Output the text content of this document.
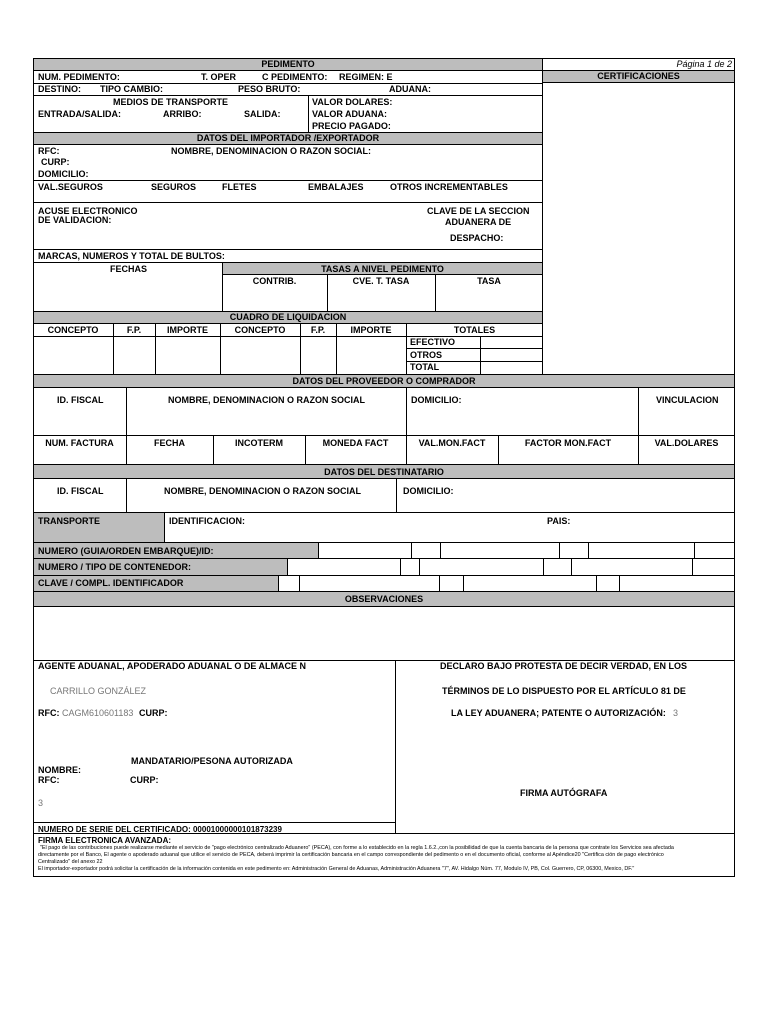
PEDIMENTO	Página 1 de 2
CERTIFICACIONES
NUM. PEDIMENTO:	T. OPER	C PEDIMENTO: REGIMEN: E
DESTINO: TIPO CAMBIO:	PESO BRUTO:	ADUANA:
MEDIOS DE TRANSPORTE
ENTRADA/SALIDA:	ARRIBO:	SALIDA:
VALOR DOLARES:
VALOR ADUANA:
PRECIO PAGADO:
DATOS DEL IMPORTADOR /EXPORTADOR
RFC:	NOMBRE, DENOMINACION O RAZON SOCIAL:
CURP:
DOMICILIO:
VAL.SEGUROS	SEGUROS	FLETES	EMBALAJES	OTROS INCREMENTABLES
ACUSE ELECTRONICO
DE VALIDACION:
CLAVE DE LA SECCION
ADUANERA DE
DESPACHO:
MARCAS, NUMEROS Y TOTAL DE BULTOS:
FECHAS	TASAS A NIVEL PEDIMENTO
CONTRIB.	CVE. T. TASA	TASA
CUADRO DE LIQUIDACION
CONCEPTO	F.P.	IMPORTE	CONCEPTO	F.P.	IMPORTE	TOTALES
EFECTIVO
OTROS
TOTAL
DATOS DEL PROVEEDOR O COMPRADOR
ID. FISCAL	NOMBRE, DENOMINACION O RAZON SOCIAL	DOMICILIO:	VINCULACION
NUM. FACTURA	FECHA	INCOTERM	MONEDA FACT	VAL.MON.FACT	FACTOR MON.FACT	VAL.DOLARES
DATOS DEL DESTINATARIO
ID. FISCAL	NOMBRE, DENOMINACION O RAZON SOCIAL	DOMICILIO:
TRANSPORTE	IDENTIFICACION:	PAIS:
NUMERO (GUIA/ORDEN EMBARQUE)/ID:
NUMERO / TIPO DE CONTENEDOR:
CLAVE / COMPL. IDENTIFICADOR
OBSERVACIONES
AGENTE ADUANAL, APODERADO ADUANAL O DE ALMACE N
CARRILLO GONZÁLEZ
RFC: CAGM610601183 CURP:
MANDATARIO/PESONA AUTORIZADA
NOMBRE:
RFC:	CURP:
3
DECLARO BAJO PROTESTA DE DECIR VERDAD, EN LOS
TÉRMINOS DE LO DISPUESTO POR EL ARTÍCULO 81 DE
LA LEY ADUANERA; PATENTE O AUTORIZACIÓN: 3
FIRMA AUTÓGRAFA
NUMERO DE SERIE DEL CERTIFICADO: 00001000000101873239
FIRMA ELECTRONICA AVANZADA:
"El pago de las contribuciones puede realizarse mediante el servicio de "pago electrónico centralizado Aduanero" (PECA), con forme a lo establecido en la regla 1.6.2.,con la posibilidad de que la cuenta bancaria de la persona que contrate los Servicios sea afectada
directamente por el Banco, El agente o apoderado aduanal que utilice el servicio de PECA, deberá imprimir la certificación bancaria en el campo correspondiente del pedimento o en el documento oficial, conforme al Apéndice20 "Certifica ción de pago electrónico
Centralizado" del anexo 22
El importador-exportador podrá solicitar la certificación de la información contenida en este pedimento en: Administración General de Aduanas, Administración Aduanera "7", AV. Hidalgo Núm. 77, Modulo IV, PB, Col. Guerrero, CP, 06300, Mexico, DF."
